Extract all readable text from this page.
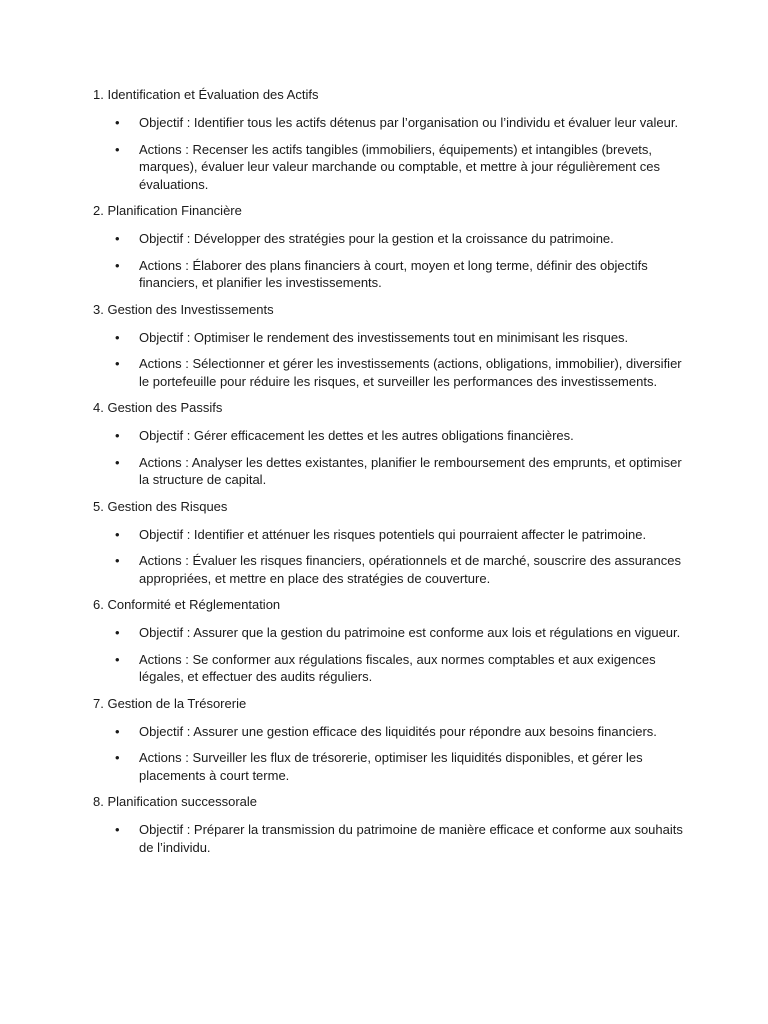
1. Identification et Évaluation des Actifs
• Objectif : Identifier tous les actifs détenus par l’organisation ou l’individu et évaluer leur valeur.
• Actions : Recenser les actifs tangibles (immobiliers, équipements) et intangibles (brevets, marques), évaluer leur valeur marchande ou comptable, et mettre à jour régulièrement ces évaluations.
2. Planification Financière
• Objectif : Développer des stratégies pour la gestion et la croissance du patrimoine.
• Actions : Élaborer des plans financiers à court, moyen et long terme, définir des objectifs financiers, et planifier les investissements.
3. Gestion des Investissements
• Objectif : Optimiser le rendement des investissements tout en minimisant les risques.
• Actions : Sélectionner et gérer les investissements (actions, obligations, immobilier), diversifier le portefeuille pour réduire les risques, et surveiller les performances des investissements.
4. Gestion des Passifs
• Objectif : Gérer efficacement les dettes et les autres obligations financières.
• Actions : Analyser les dettes existantes, planifier le remboursement des emprunts, et optimiser la structure de capital.
5. Gestion des Risques
• Objectif : Identifier et atténuer les risques potentiels qui pourraient affecter le patrimoine.
• Actions : Évaluer les risques financiers, opérationnels et de marché, souscrire des assurances appropriées, et mettre en place des stratégies de couverture.
6. Conformité et Réglementation
• Objectif : Assurer que la gestion du patrimoine est conforme aux lois et régulations en vigueur.
• Actions : Se conformer aux régulations fiscales, aux normes comptables et aux exigences légales, et effectuer des audits réguliers.
7. Gestion de la Trésorerie
• Objectif : Assurer une gestion efficace des liquidités pour répondre aux besoins financiers.
• Actions : Surveiller les flux de trésorerie, optimiser les liquidités disponibles, et gérer les placements à court terme.
8. Planification successorale
• Objectif : Préparer la transmission du patrimoine de manière efficace et conforme aux souhaits de l’individu.
